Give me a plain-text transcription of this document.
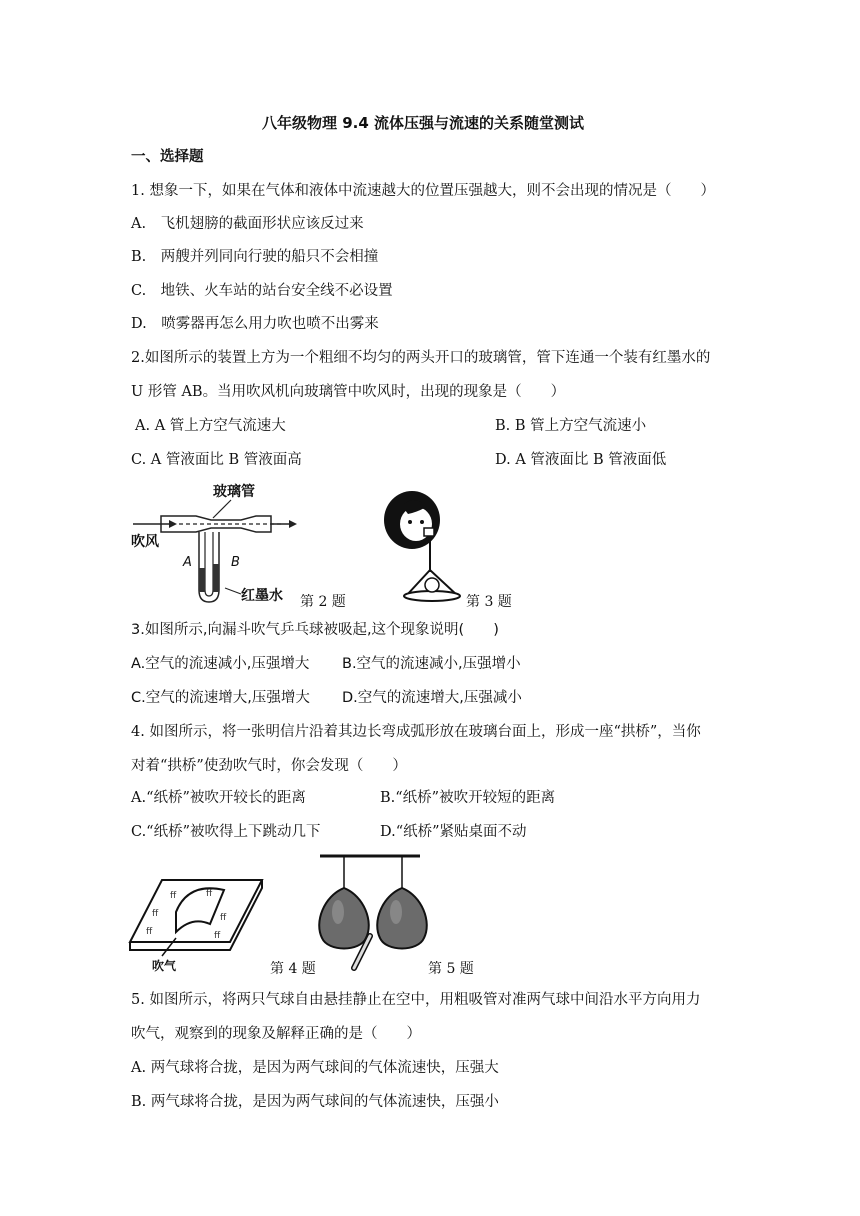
八年级物理 9.4 流体压强与流速的关系随堂测试
一、选择题
1. 想象一下，如果在气体和液体中流速越大的位置压强越大，则不会出现的情况是（　　）
A.　飞机翅膀的截面形状应该反过来
B.　两艘并列同向行驶的船只不会相撞
C.　地铁、火车站的站台安全线不必设置
D.　喷雾器再怎么用力吹也喷不出雾来
2.如图所示的装置上方为一个粗细不均匀的两头开口的玻璃管，管下连通一个装有红墨水的
U 形管 AB。当用吹风机向玻璃管中吹风时，出现的现象是（　　）
A. A 管上方空气流速大	B. B 管上方空气流速小
C. A 管液面比 B 管液面高	D. A 管液面比 B 管液面低
玻璃管
吹风
A	B
红墨水 第 2 题	第 3 题
3.如图所示,向漏斗吹气乒乓球被吸起,这个现象说明(　　)
A.空气的流速减小,压强增大 B.空气的流速减小,压强增小
C.空气的流速增大,压强增大 D.空气的流速增大,压强减小
4. 如图所示，将一张明信片沿着其边长弯成弧形放在玻璃台面上，形成一座“拱桥”，当你
对着“拱桥”使劲吹气时，你会发现（　　）
A.“纸桥”被吹开较长的距离	B.“纸桥”被吹开较短的距离
C.“纸桥”被吹得上下跳动几下	D.“纸桥”紧贴桌面不动
ff	ff
ff
ff
ff
ff
吹气	第 4 题	第 5 题
5. 如图所示，将两只气球自由悬挂静止在空中，用粗吸管对准两气球中间沿水平方向用力
吹气，观察到的现象及解释正确的是（　　）
A. 两气球将合拢，是因为两气球间的气体流速快，压强大
B. 两气球将合拢，是因为两气球间的气体流速快，压强小
